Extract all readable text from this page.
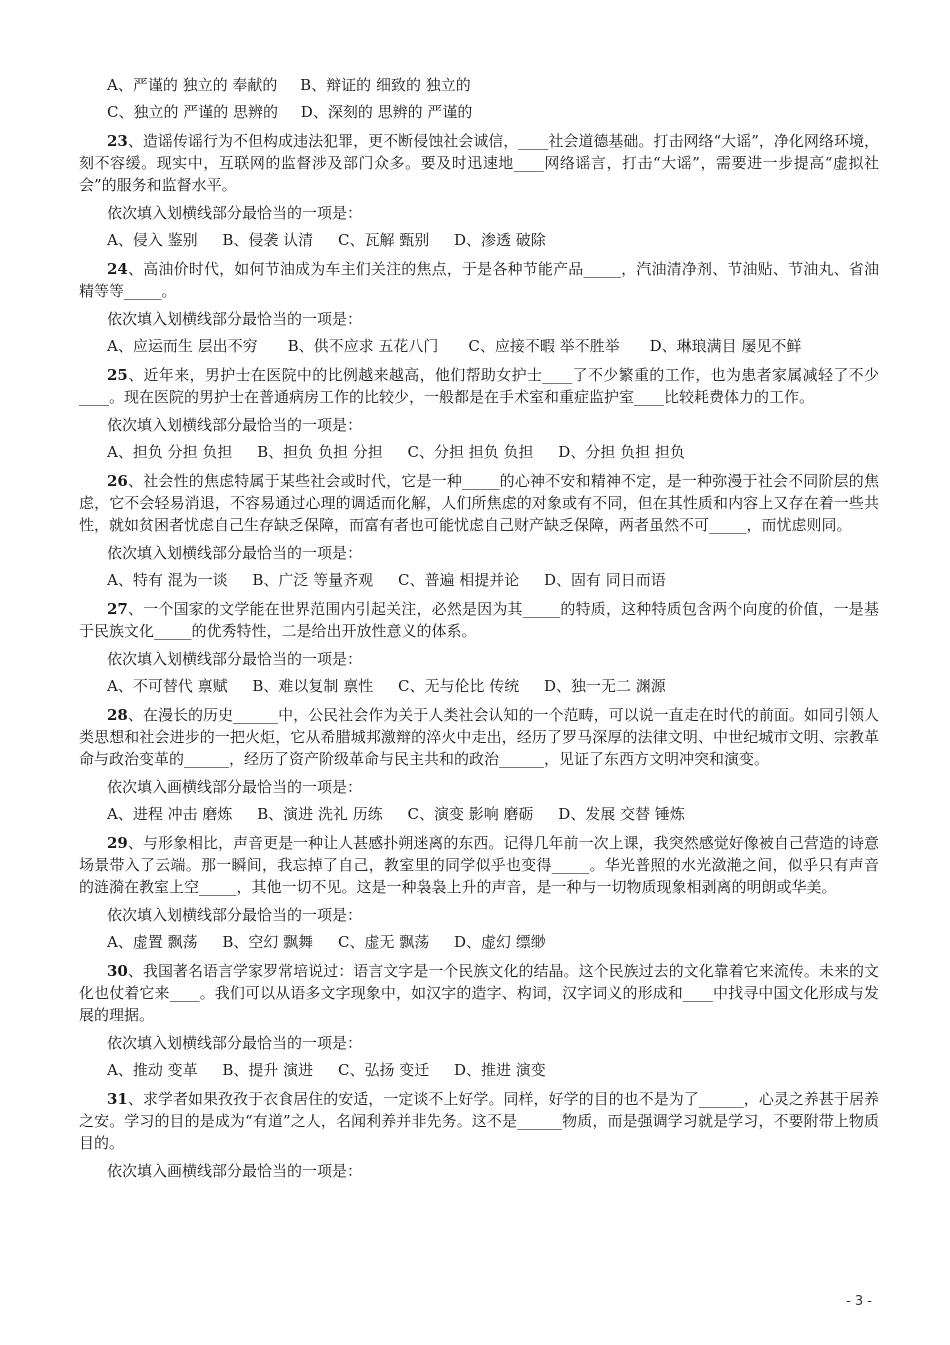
A、严谨的 独立的 奉献的 B、辩证的 细致的 独立的
C、独立的 严谨的 思辨的 D、深刻的 思辨的 严谨的
23、造谣传谣行为不但构成违法犯罪，更不断侵蚀社会诚信，____社会道德基础。打击网络“大谣”，净化网络环境，刻不容缓。现实中，互联网的监督涉及部门众多。要及时迅速地____网络谣言，打击“大谣”，需要进一步提高“虚拟社会”的服务和监督水平。
依次填入划横线部分最恰当的一项是：
A、侵入 鉴别 B、侵袭 认清 C、瓦解 甄别 D、渗透 破除
24、高油价时代，如何节油成为车主们关注的焦点，于是各种节能产品_____，汽油清净剂、节油贴、节油丸、省油精等等_____。
依次填入划横线部分最恰当的一项是：
A、应运而生 层出不穷　　B、供不应求 五花八门　　C、应接不暇 举不胜举　　D、琳琅满目 屡见不鲜
25、近年来，男护士在医院中的比例越来越高，他们帮助女护士____了不少繁重的工作，也为患者家属减轻了不少____。现在医院的男护士在普通病房工作的比较少，一般都是在手术室和重症监护室____比较耗费体力的工作。
依次填入划横线部分最恰当的一项是：
A、担负 分担 负担 B、担负 负担 分担 C、分担 担负 负担 D、分担 负担 担负
26、社会性的焦虑特属于某些社会或时代，它是一种_____的心神不安和精神不定，是一种弥漫于社会不同阶层的焦虑，它不会轻易消退，不容易通过心理的调适而化解，人们所焦虑的对象或有不同，但在其性质和内容上又存在着一些共性，就如贫困者忧虑自己生存缺乏保障，而富有者也可能忧虑自己财产缺乏保障，两者虽然不可_____，而忧虑则同。
依次填入划横线部分最恰当的一项是：
A、特有 混为一谈 B、广泛 等量齐观 C、普遍 相提并论 D、固有 同日而语
27、一个国家的文学能在世界范围内引起关注，必然是因为其_____的特质，这种特质包含两个向度的价值，一是基于民族文化_____的优秀特性，二是给出开放性意义的体系。
依次填入划横线部分最恰当的一项是：
A、不可替代 禀赋 B、难以复制 禀性 C、无与伦比 传统 D、独一无二 渊源
28、在漫长的历史______中，公民社会作为关于人类社会认知的一个范畴，可以说一直走在时代的前面。如同引领人类思想和社会进步的一把火炬，它从希腊城邦激辩的淬火中走出，经历了罗马深厚的法律文明、中世纪城市文明、宗教革命与政治变革的______，经历了资产阶级革命与民主共和的政治______，见证了东西方文明冲突和演变。
依次填入画横线部分最恰当的一项是：
A、进程 冲击 磨炼 B、演进 洗礼 历练 C、演变 影响 磨砺 D、发展 交替 锤炼
29、与形象相比，声音更是一种让人甚感扑朔迷离的东西。记得几年前一次上课，我突然感觉好像被自己营造的诗意场景带入了云端。那一瞬间，我忘掉了自己，教室里的同学似乎也变得_____。华光普照的水光潋滟之间，似乎只有声音的涟漪在教室上空_____，其他一切不见。这是一种袅袅上升的声音，是一种与一切物质现象相剥离的明朗或华美。
依次填入划横线部分最恰当的一项是：
A、虚置 飘荡 B、空幻 飘舞 C、虚无 飘荡 D、虚幻 缥缈
30、我国著名语言学家罗常培说过：语言文字是一个民族文化的结晶。这个民族过去的文化靠着它来流传。未来的文化也仗着它来____。我们可以从语多文字现象中，如汉字的造字、构词，汉字词义的形成和____中找寻中国文化形成与发展的理据。
依次填入划横线部分最恰当的一项是：
A、推动 变革 B、提升 演进 C、弘扬 变迁 D、推进 演变
31、求学者如果孜孜于衣食居住的安适，一定谈不上好学。同样，好学的目的也不是为了______，心灵之养甚于居养之安。学习的目的是成为“有道”之人，名闻利养并非先务。这不是______物质，而是强调学习就是学习，不要附带上物质目的。
依次填入画横线部分最恰当的一项是：
- 3 -
